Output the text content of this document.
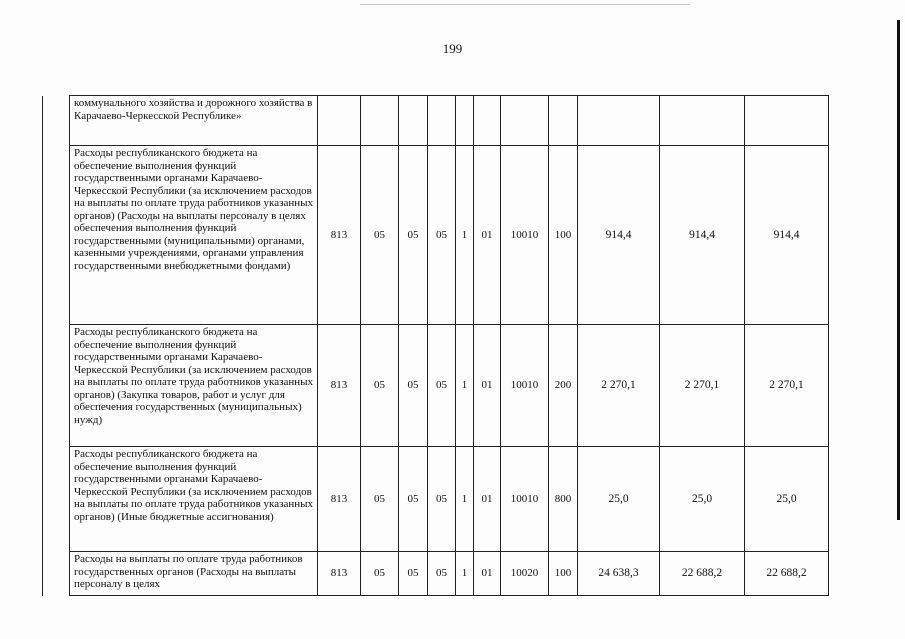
199
	коммунального хозяйства и дорожного хозяйства в Карачаево-Черкесской Республике»											
	Расходы республиканского бюджета на обеспечение выполнения функций государственными органами Карачаево-Черкесской Республики (за исключением расходов на выплаты по оплате труда работников указанных органов) (Расходы на выплаты персоналу в целях обеспечения выполнения функций государственными (муниципальными) органами, казенными учреждениями, органами управления государственными внебюджетными фондами)	813	05	05	05	1	01	10010	100	914,4	914,4	914,4
	Расходы республиканского бюджета на обеспечение выполнения функций государственными органами Карачаево-Черкесской Республики (за исключением расходов на выплаты по оплате труда работников указанных органов) (Закупка товаров, работ и услуг для обеспечения государственных (муниципальных) нужд)	813	05	05	05	1	01	10010	200	2 270,1	2 270,1	2 270,1
	Расходы республиканского бюджета на обеспечение выполнения функций государственными органами Карачаево-Черкесской Республики (за исключением расходов на выплаты по оплате труда работников указанных органов) (Иные бюджетные ассигнования)	813	05	05	05	1	01	10010	800	25,0	25,0	25,0
	Расходы на выплаты по оплате труда работников государственных органов (Расходы на выплаты персоналу в целях	813	05	05	05	1	01	10020	100	24 638,3	22 688,2	22 688,2
